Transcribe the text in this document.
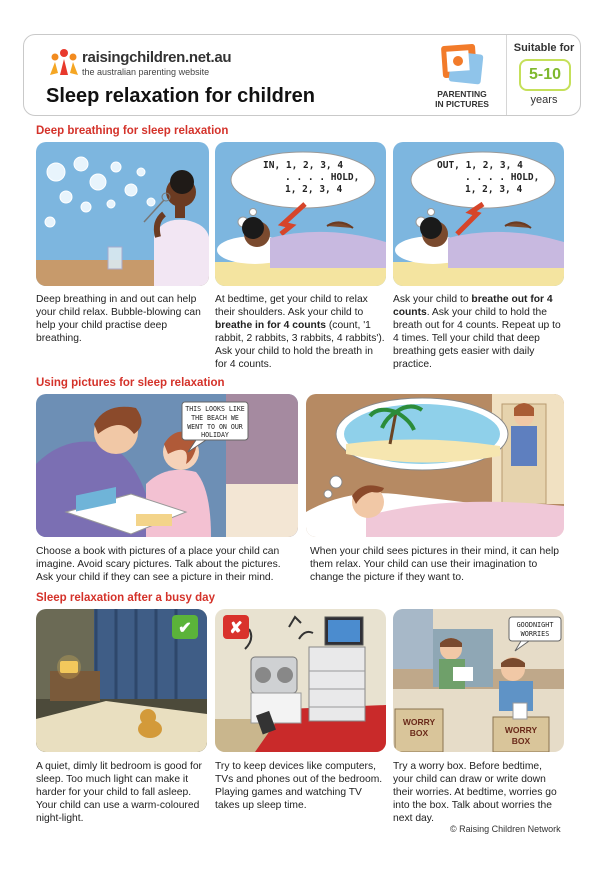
raisingchildren.net.au
the australian parenting website
Sleep relaxation for children	PARENTING
IN PICTURES
Suitable for
5-10
years
Deep breathing for sleep relaxation
Deep breathing in and out can help your child relax. Bubble-blowing can help your child practise deep breathing.
IN, 1, 2, 3, 4
. . . . HOLD,
1, 2, 3, 4
At bedtime, get your child to relax their shoulders. Ask your child to breathe in for 4 counts (count, '1 rabbit, 2 rabbits, 3 rabbits, 4 rabbits'). Ask your child to hold the breath in for 4 counts.
OUT, 1, 2, 3, 4
. . . . HOLD,
1, 2, 3, 4
Ask your child to breathe out for 4 counts. Ask your child to hold the breath out for 4 counts. Repeat up to 4 times. Tell your child that deep breathing gets easier with daily practice.
Using pictures for sleep relaxation
THIS LOOKS LIKE
THE BEACH WE
WENT TO ON OUR
HOLIDAY
Choose a book with pictures of a place your child can imagine. Avoid scary pictures. Talk about the pictures. Ask your child if they can see a picture in their mind.
When your child sees pictures in their mind, it can help them relax. Your child can use their imagination to change the picture if they want to.
Sleep relaxation after a busy day
✔
A quiet, dimly lit bedroom is good for sleep. Too much light can make it harder for your child to fall asleep. Your child can use a warm-coloured night-light.
✘
Try to keep devices like computers, TVs and phones out of the bedroom. Playing games and watching TV takes up sleep time.
GOODNIGHT
WORRIES
WORRY
BOX	WORRY
BOX
Try a worry box. Before bedtime, your child can draw or write down their worries. At bedtime, worries go into the box. Talk about worries the next day.
© Raising Children Network
